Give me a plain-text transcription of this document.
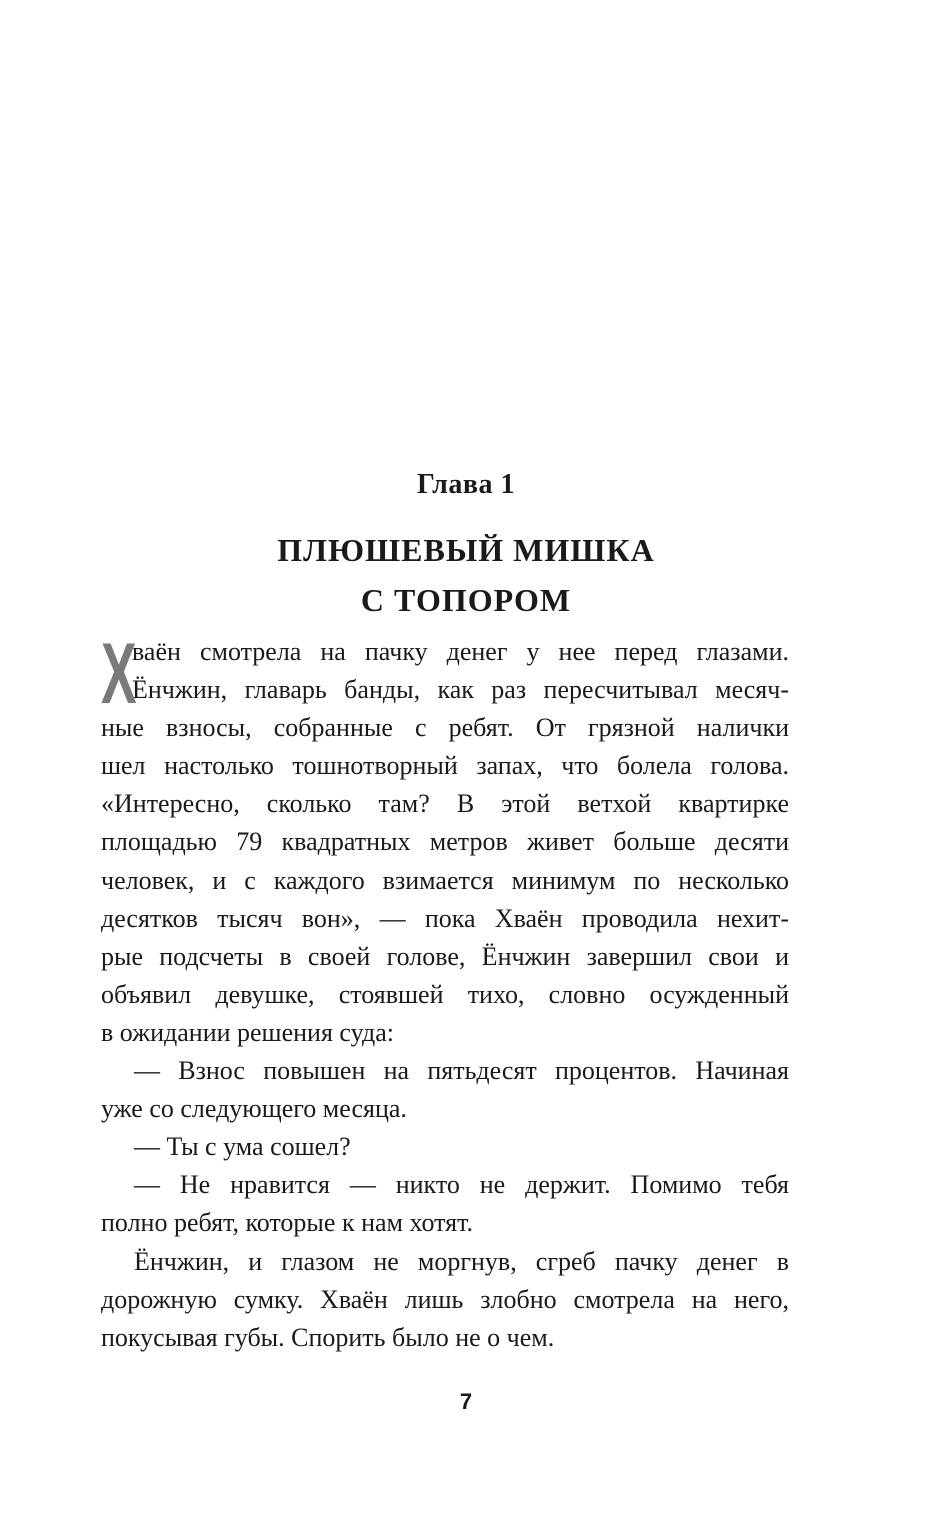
Глава 1
ПЛЮШЕВЫЙ МИШКА
С ТОПОРОМ
Х
ваён смотрела на пачку денег у нее перед глазами.
Ёнчжин, главарь банды, как раз пересчитывал месяч-
ные взносы, собранные с ребят. От грязной налички
шел настолько тошнотворный запах, что болела голова.
«Интересно, сколько там? В этой ветхой квартирке
площадью 79 квадратных метров живет больше десяти
человек, и с каждого взимается минимум по несколько
десятков тысяч вон», — пока Хваён проводила нехит-
рые подсчеты в своей голове, Ёнчжин завершил свои и
объявил девушке, стоявшей тихо, словно осужденный
в ожидании решения суда:
— Взнос повышен на пятьдесят процентов. Начиная
уже со следующего месяца.
— Ты с ума сошел?
— Не нравится — никто не держит. Помимо тебя
полно ребят, которые к нам хотят.
Ёнчжин, и глазом не моргнув, сгреб пачку денег в
дорожную сумку. Хваён лишь злобно смотрела на него,
покусывая губы. Спорить было не о чем.
7
